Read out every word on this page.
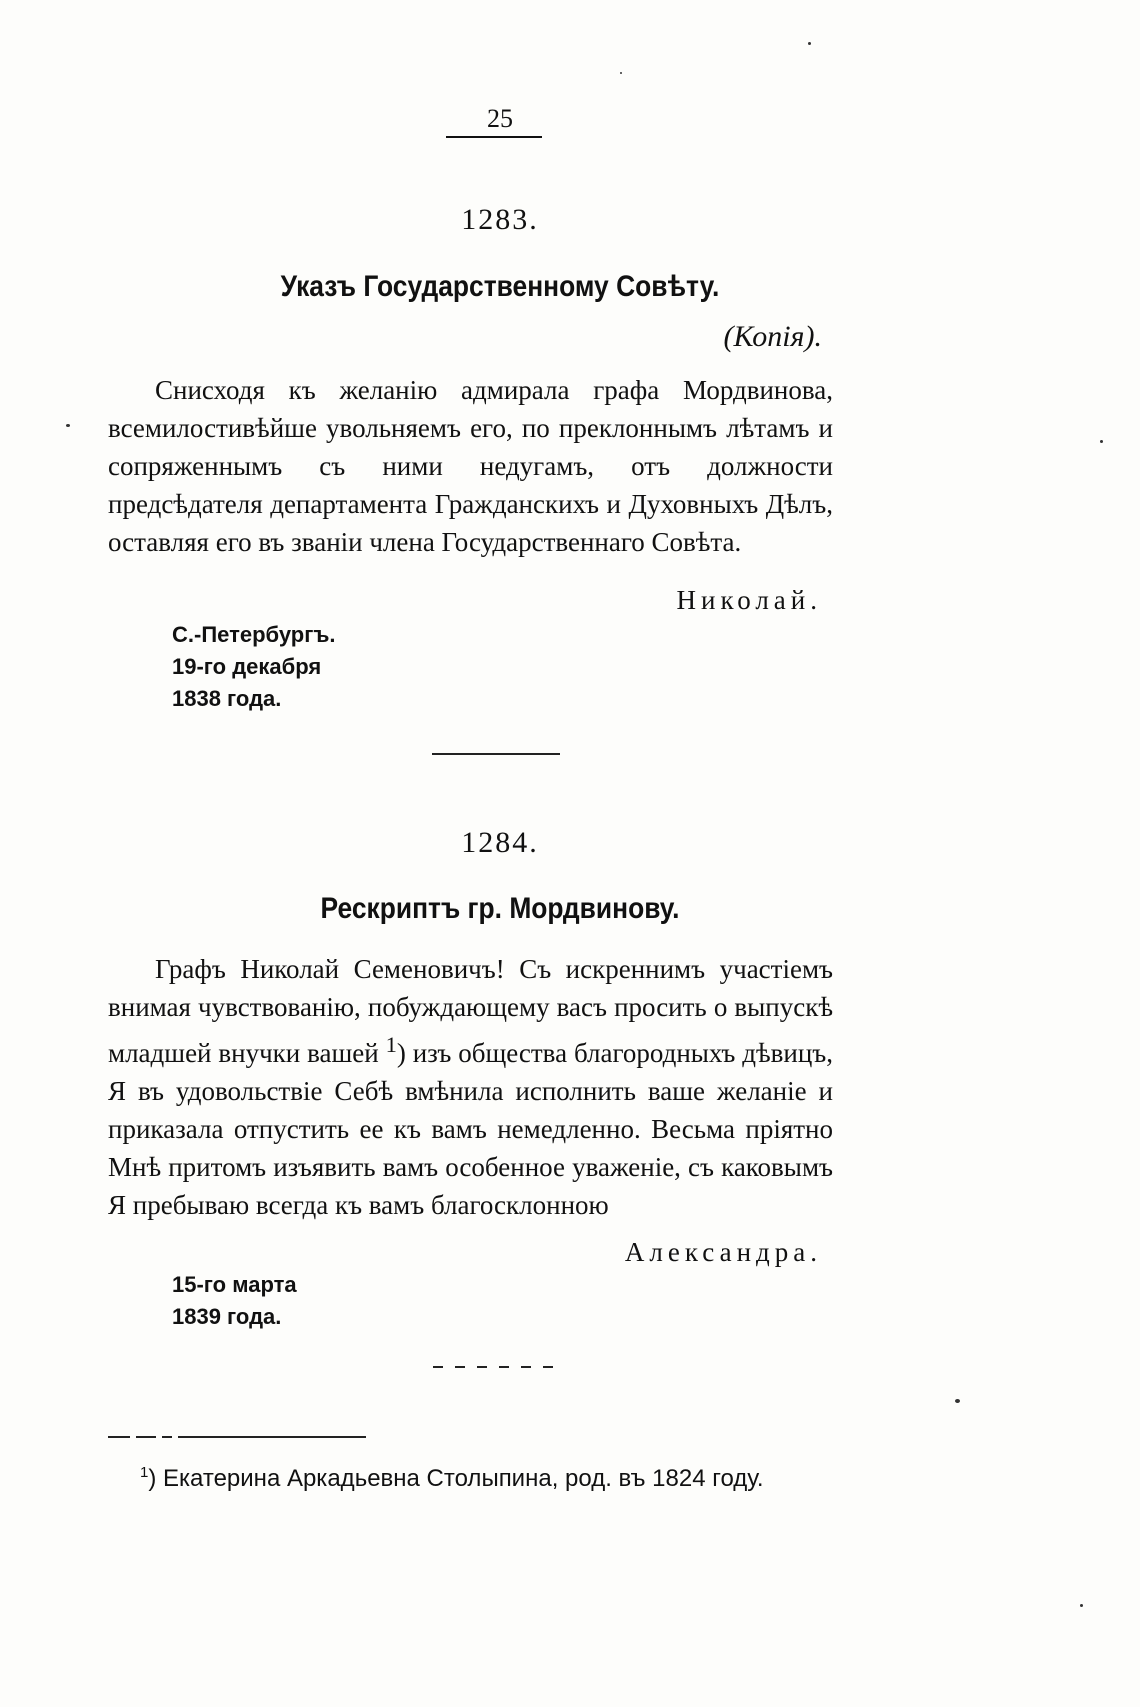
25
1283.
Указъ Государственному Совѣту.
(Копія).
Снисходя къ желанію адмирала графа Мордвинова, всемилостивѣйше увольняемъ его, по преклоннымъ лѣтамъ и сопряженнымъ съ ними недугамъ, отъ должности предсѣдателя департамента Гражданскихъ и Духовныхъ Дѣлъ, оставляя его въ званіи члена Государственнаго Совѣта.
Николай.
С.-Петербургъ.
19-го декабря
1838 года.
1284.
Рескриптъ гр. Мордвинову.
Графъ Николай Семеновичъ! Съ искреннимъ участіемъ внимая чувствованію, побуждающему васъ просить о выпускѣ младшей внучки вашей $^1$) изъ общества благородныхъ дѣвицъ, Я въ удовольствіе Себѣ вмѣнила исполнить ваше желаніе и приказала отпустить ее къ вамъ немедленно. Весьма пріятно Мнѣ притомъ изъявить вамъ особенное уваженіе, съ каковымъ Я пребываю всегда къ вамъ благосклонною
Александра.
15-го марта
1839 года.
$^1$) Екатерина Аркадьевна Столыпина, род. въ 1824 году.
